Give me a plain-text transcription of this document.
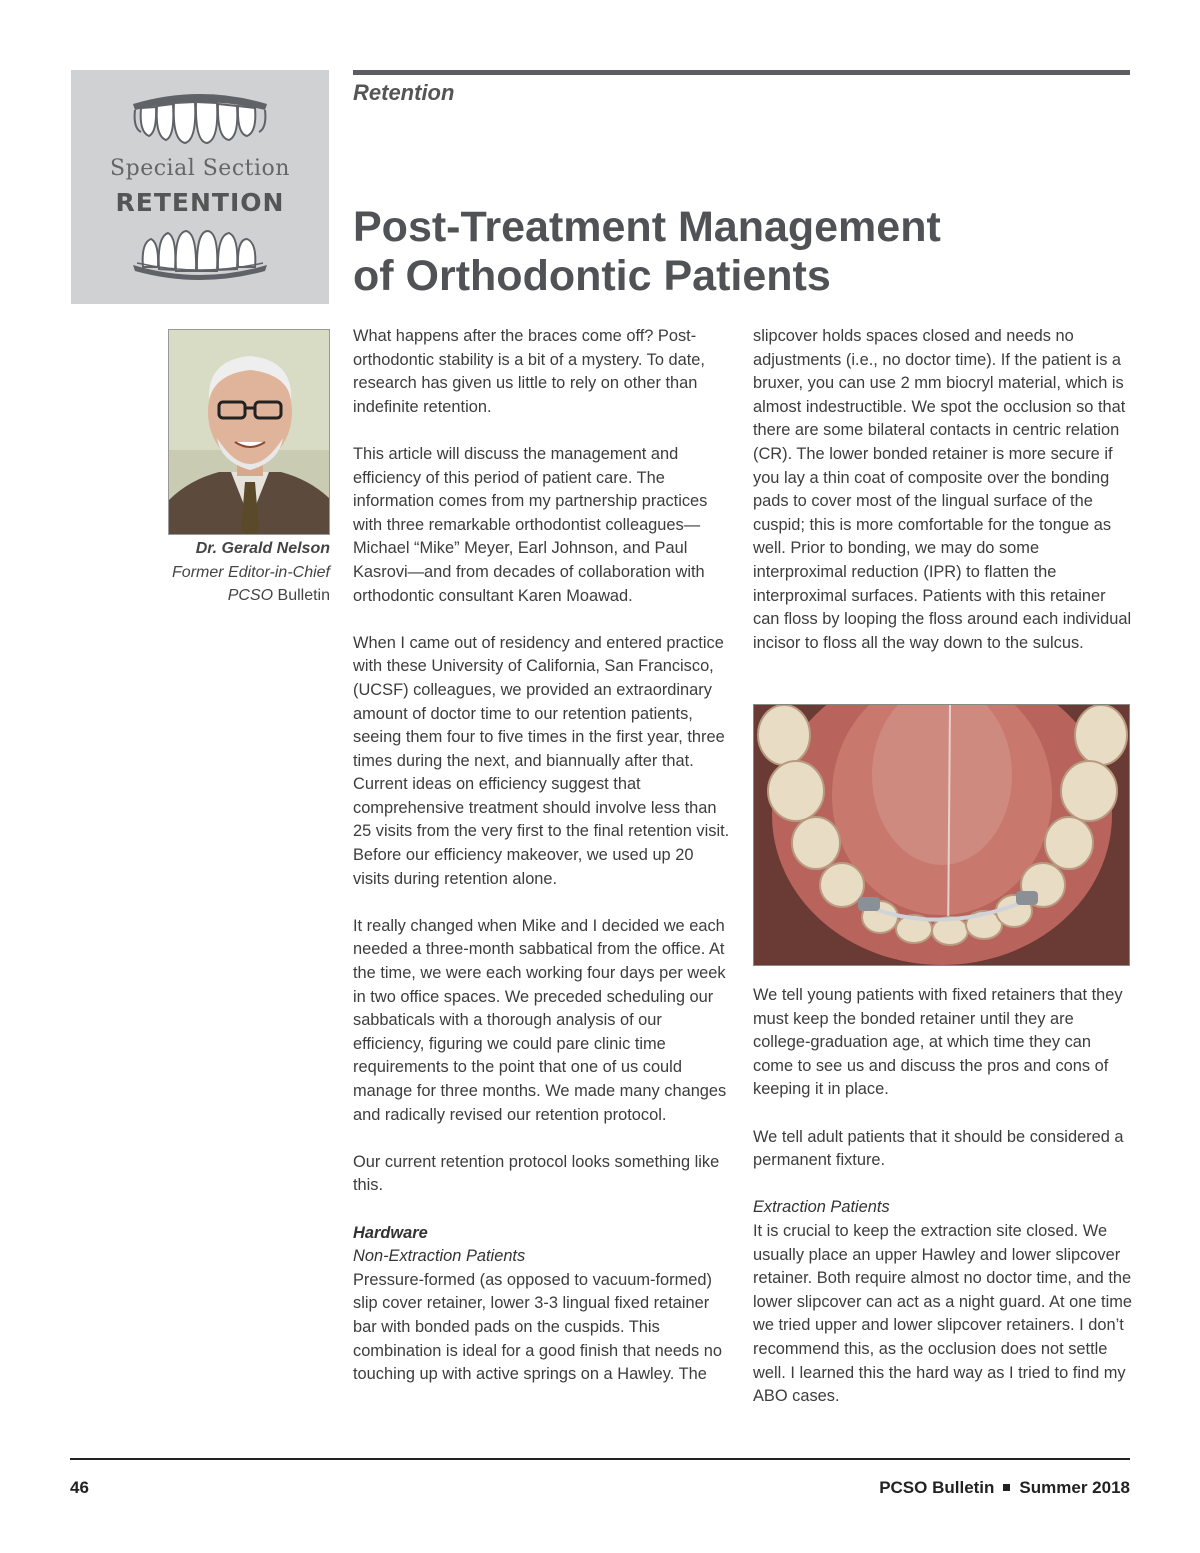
Special Section
RETENTION
Retention
Post-Treatment Management
of Orthodontic Patients
Dr. Gerald Nelson
Former Editor-in-Chief
PCSO Bulletin

What happens after the braces come off? Post-orthodontic stability is a bit of a mystery. To date, research has given us little to rely on other than indefinite retention.

This article will discuss the management and efficiency of this period of patient care. The information comes from my partnership practices with three remarkable orthodontist colleagues—Michael “Mike” Meyer, Earl Johnson, and Paul Kasrovi—and from decades of collaboration with orthodontic consultant Karen Moawad.

When I came out of residency and entered practice with these University of California, San Francisco, (UCSF) colleagues, we provided an extraordinary amount of doctor time to our retention patients, seeing them four to five times in the first year, three times during the next, and biannually after that. Current ideas on efficiency suggest that comprehensive treatment should involve less than 25 visits from the very first to the final retention visit. Before our efficiency makeover, we used up 20 visits during retention alone.

It really changed when Mike and I decided we each needed a three-month sabbatical from the office. At the time, we were each working four days per week in two office spaces. We preceded scheduling our sabbaticals with a thorough analysis of our efficiency, figuring we could pare clinic time requirements to the point that one of us could manage for three months. We made many changes and radically revised our retention protocol.

Our current retention protocol looks something like this.

Hardware
Non-Extraction Patients

Pressure-formed (as opposed to vacuum-formed) slip cover retainer, lower 3-3 lingual fixed retainer bar with bonded pads on the cuspids. This combination is ideal for a good finish that needs no touching up with active springs on a Hawley. The

slipcover holds spaces closed and needs no adjustments (i.e., no doctor time). If the patient is a bruxer, you can use 2 mm biocryl material, which is almost indestructible. We spot the occlusion so that there are some bilateral contacts in centric relation (CR). The lower bonded retainer is more secure if you lay a thin coat of composite over the bonding pads to cover most of the lingual surface of the cuspid; this is more comfortable for the tongue as well. Prior to bonding, we may do some interproximal reduction (IPR) to flatten the interproximal surfaces. Patients with this retainer can floss by looping the floss around each individual incisor to floss all the way down to the sulcus.

We tell young patients with fixed retainers that they must keep the bonded retainer until they are college-graduation age, at which time they can come to see us and discuss the pros and cons of keeping it in place.

We tell adult patients that it should be considered a permanent fixture.

Extraction Patients

It is crucial to keep the extraction site closed. We usually place an upper Hawley and lower slipcover retainer. Both require almost no doctor time, and the lower slipcover can act as a night guard. At one time we tried upper and lower slipcover retainers. I don’t recommend this, as the occlusion does not settle well. I learned this the hard way as I tried to find my ABO cases.

46	PCSO Bulletin Summer 2018
